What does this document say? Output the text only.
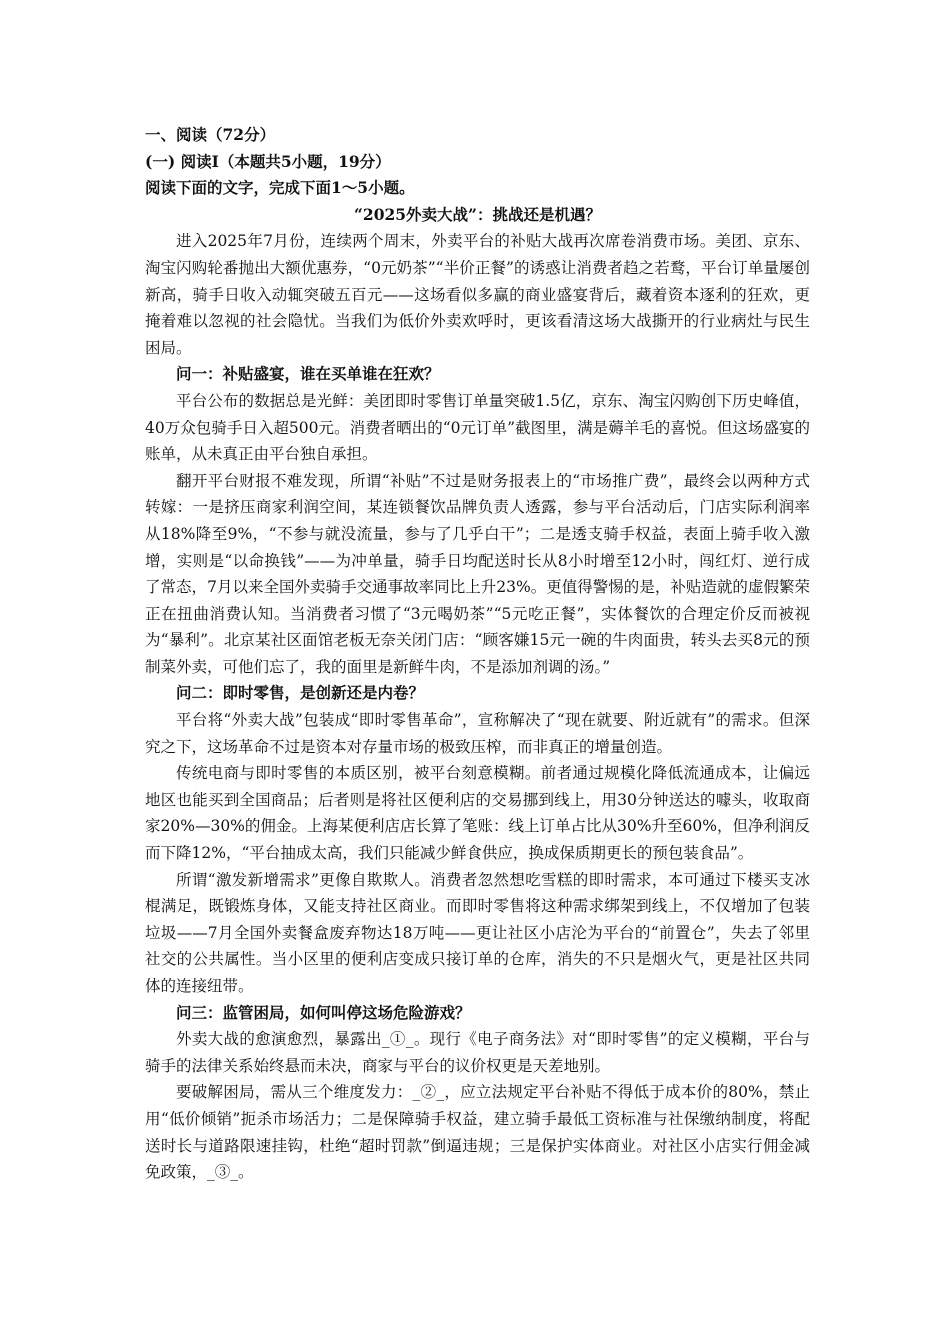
一、阅读（72分）

(一) 阅读Ⅰ（本题共5小题，19分）

阅读下面的文字，完成下面1～5小题。

“2025外卖大战”：挑战还是机遇？

进入2025年7月份，连续两个周末，外卖平台的补贴大战再次席卷消费市场。美团、京东、淘宝闪购轮番抛出大额优惠券，“0元奶茶”“半价正餐”的诱惑让消费者趋之若鹜，平台订单量屡创新高，骑手日收入动辄突破五百元——这场看似多赢的商业盛宴背后，藏着资本逐利的狂欢，更掩着难以忽视的社会隐忧。当我们为低价外卖欢呼时，更该看清这场大战撕开的行业病灶与民生困局。

问一：补贴盛宴，谁在买单谁在狂欢？

平台公布的数据总是光鲜：美团即时零售订单量突破1.5亿，京东、淘宝闪购创下历史峰值，40万众包骑手日入超500元。消费者晒出的“0元订单”截图里，满是薅羊毛的喜悦。但这场盛宴的账单，从未真正由平台独自承担。

翻开平台财报不难发现，所谓“补贴”不过是财务报表上的“市场推广费”，最终会以两种方式转嫁：一是挤压商家利润空间，某连锁餐饮品牌负责人透露，参与平台活动后，门店实际利润率从18%降至9%，“不参与就没流量，参与了几乎白干”；二是透支骑手权益，表面上骑手收入激增，实则是“以命换钱”——为冲单量，骑手日均配送时长从8小时增至12小时，闯红灯、逆行成了常态，7月以来全国外卖骑手交通事故率同比上升23%。更值得警惕的是，补贴造就的虚假繁荣正在扭曲消费认知。当消费者习惯了“3元喝奶茶”“5元吃正餐”，实体餐饮的合理定价反而被视为“暴利”。北京某社区面馆老板无奈关闭门店：“顾客嫌15元一碗的牛肉面贵，转头去买8元的预制菜外卖，可他们忘了，我的面里是新鲜牛肉，不是添加剂调的汤。”

问二：即时零售，是创新还是内卷？

平台将“外卖大战”包装成“即时零售革命”，宣称解决了“现在就要、附近就有”的需求。但深究之下，这场革命不过是资本对存量市场的极致压榨，而非真正的增量创造。

传统电商与即时零售的本质区别，被平台刻意模糊。前者通过规模化降低流通成本，让偏远地区也能买到全国商品；后者则是将社区便利店的交易挪到线上，用30分钟送达的噱头，收取商家20%—30%的佣金。上海某便利店店长算了笔账：线上订单占比从30%升至60%，但净利润反而下降12%，“平台抽成太高，我们只能减少鲜食供应，换成保质期更长的预包装食品”。

所谓“激发新增需求”更像自欺欺人。消费者忽然想吃雪糕的即时需求，本可通过下楼买支冰棍满足，既锻炼身体，又能支持社区商业。而即时零售将这种需求绑架到线上，不仅增加了包装垃圾——7月全国外卖餐盒废弃物达18万吨——更让社区小店沦为平台的“前置仓”，失去了邻里社交的公共属性。当小区里的便利店变成只接订单的仓库，消失的不只是烟火气，更是社区共同体的连接纽带。

问三：监管困局，如何叫停这场危险游戏？

外卖大战的愈演愈烈，暴露出_①_。现行《电子商务法》对“即时零售”的定义模糊，平台与骑手的法律关系始终悬而未决，商家与平台的议价权更是天差地别。

要破解困局，需从三个维度发力：_②_，应立法规定平台补贴不得低于成本价的80%，禁止用“低价倾销”扼杀市场活力；二是保障骑手权益，建立骑手最低工资标准与社保缴纳制度，将配送时长与道路限速挂钩，杜绝“超时罚款”倒逼违规；三是保护实体商业。对社区小店实行佣金减免政策，_③_。
